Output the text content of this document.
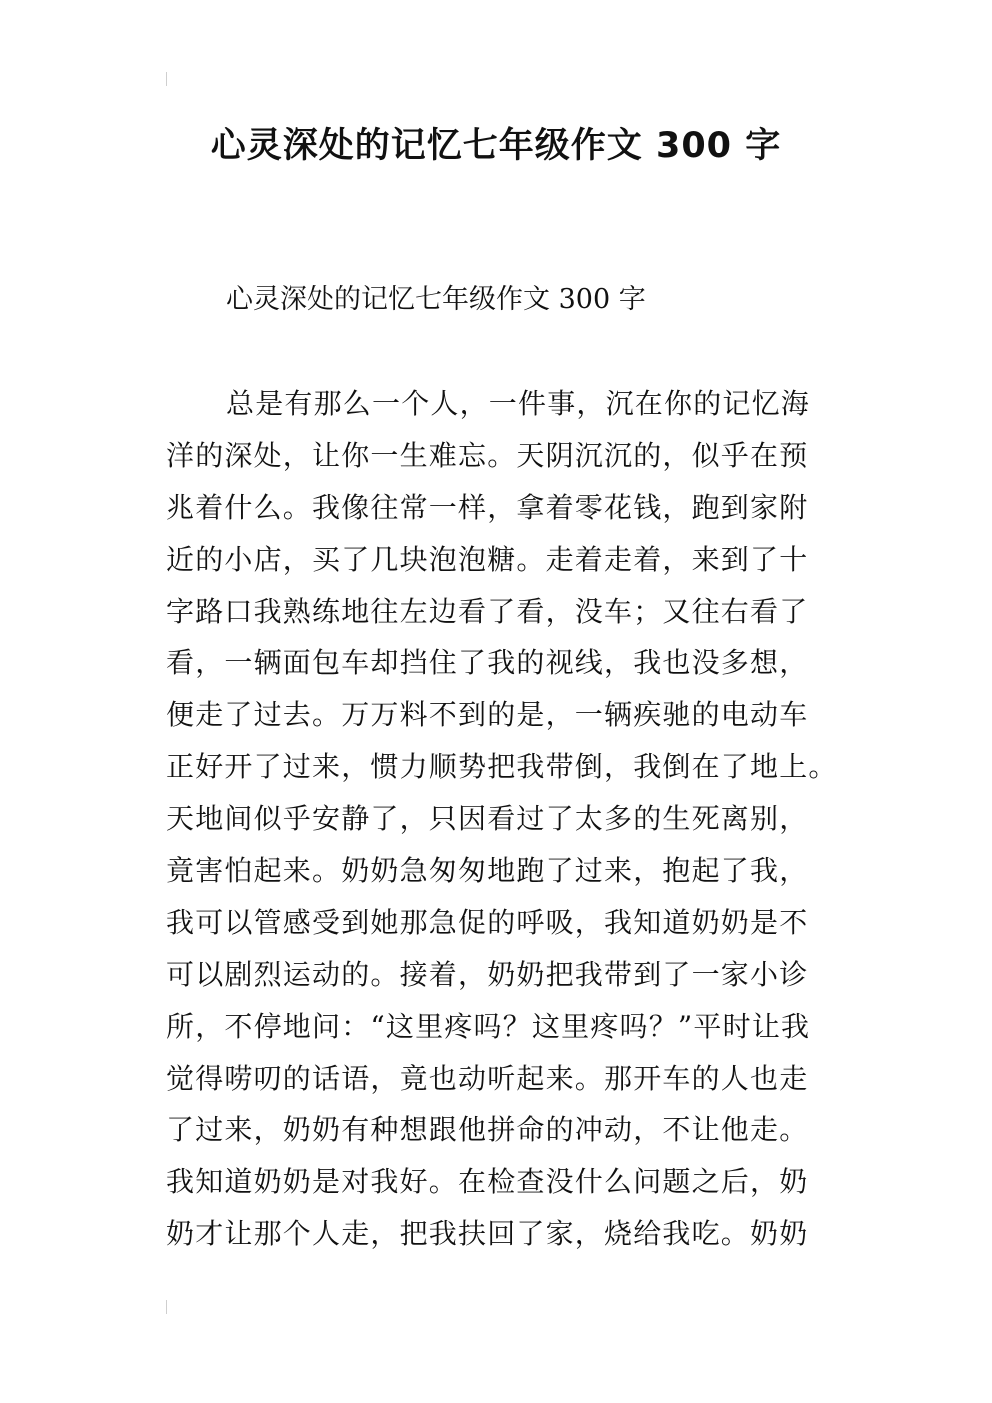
心灵深处的记忆七年级作文 300 字

心灵深处的记忆七年级作文 300 字

总是有那么一个人，一件事，沉在你的记忆海
洋的深处，让你一生难忘。天阴沉沉的，似乎在预
兆着什么。我像往常一样，拿着零花钱，跑到家附
近的小店，买了几块泡泡糖。走着走着，来到了十
字路口我熟练地往左边看了看，没车；又往右看了
看，一辆面包车却挡住了我的视线，我也没多想，
便走了过去。万万料不到的是，一辆疾驰的电动车
正好开了过来，惯力顺势把我带倒，我倒在了地上。
天地间似乎安静了，只因看过了太多的生死离别，
竟害怕起来。奶奶急匆匆地跑了过来，抱起了我，
我可以管感受到她那急促的呼吸，我知道奶奶是不
可以剧烈运动的。接着，奶奶把我带到了一家小诊
所，不停地问：“这里疼吗？这里疼吗？”平时让我
觉得唠叨的话语，竟也动听起来。那开车的人也走
了过来，奶奶有种想跟他拼命的冲动，不让他走。
我知道奶奶是对我好。在检查没什么问题之后，奶
奶才让那个人走，把我扶回了家，烧给我吃。奶奶
